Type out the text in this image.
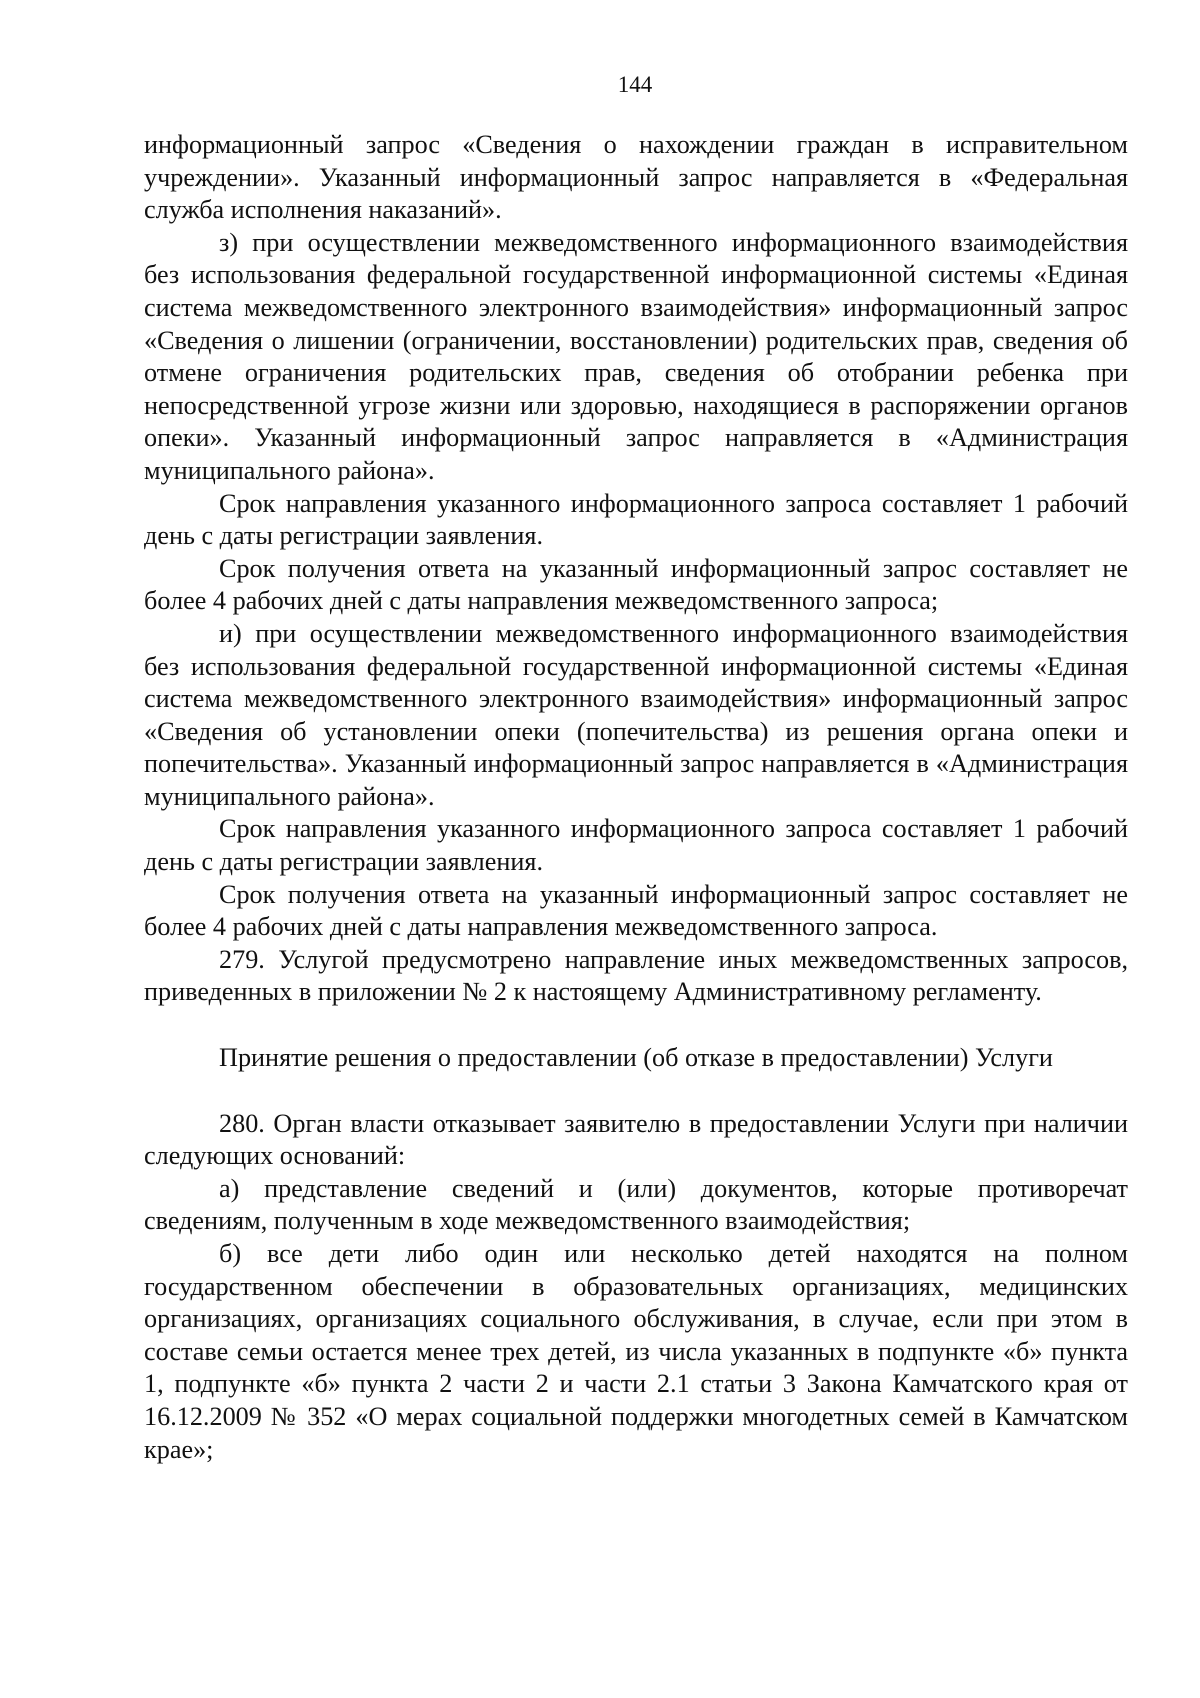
144

информационный запрос «Сведения о нахождении граждан в исправительном учреждении». Указанный информационный запрос направляется в «Федеральная служба исполнения наказаний».

з) при осуществлении межведомственного информационного взаимодействия без использования федеральной государственной информационной системы «Единая система межведомственного электронного взаимодействия» информационный запрос «Сведения о лишении (ограничении, восстановлении) родительских прав, сведения об отмене ограничения родительских прав, сведения об отобрании ребенка при непосредственной угрозе жизни или здоровью, находящиеся в распоряжении органов опеки». Указанный информационный запрос направляется в «Администрация муниципального района».

Срок направления указанного информационного запроса составляет 1 рабочий день с даты регистрации заявления.

Срок получения ответа на указанный информационный запрос составляет не более 4 рабочих дней с даты направления межведомственного запроса;

и) при осуществлении межведомственного информационного взаимодействия без использования федеральной государственной информационной системы «Единая система межведомственного электронного взаимодействия» информационный запрос «Сведения об установлении опеки (попечительства) из решения органа опеки и попечительства». Указанный информационный запрос направляется в «Администрация муниципального района».

Срок направления указанного информационного запроса составляет 1 рабочий день с даты регистрации заявления.

Срок получения ответа на указанный информационный запрос составляет не более 4 рабочих дней с даты направления межведомственного запроса.

279. Услугой предусмотрено направление иных межведомственных запросов, приведенных в приложении № 2 к настоящему Административному регламенту.

Принятие решения о предоставлении (об отказе в предоставлении) Услуги

280. Орган власти отказывает заявителю в предоставлении Услуги при наличии следующих оснований:

а) представление сведений и (или) документов, которые противоречат сведениям, полученным в ходе межведомственного взаимодействия;

б) все дети либо один или несколько детей находятся на полном государственном обеспечении в образовательных организациях, медицинских организациях, организациях социального обслуживания, в случае, если при этом в составе семьи остается менее трех детей, из числа указанных в подпункте «б» пункта 1, подпункте «б» пункта 2 части 2 и части 2.1 статьи 3 Закона Камчатского края от 16.12.2009 № 352 «О мерах социальной поддержки многодетных семей в Камчатском крае»;
